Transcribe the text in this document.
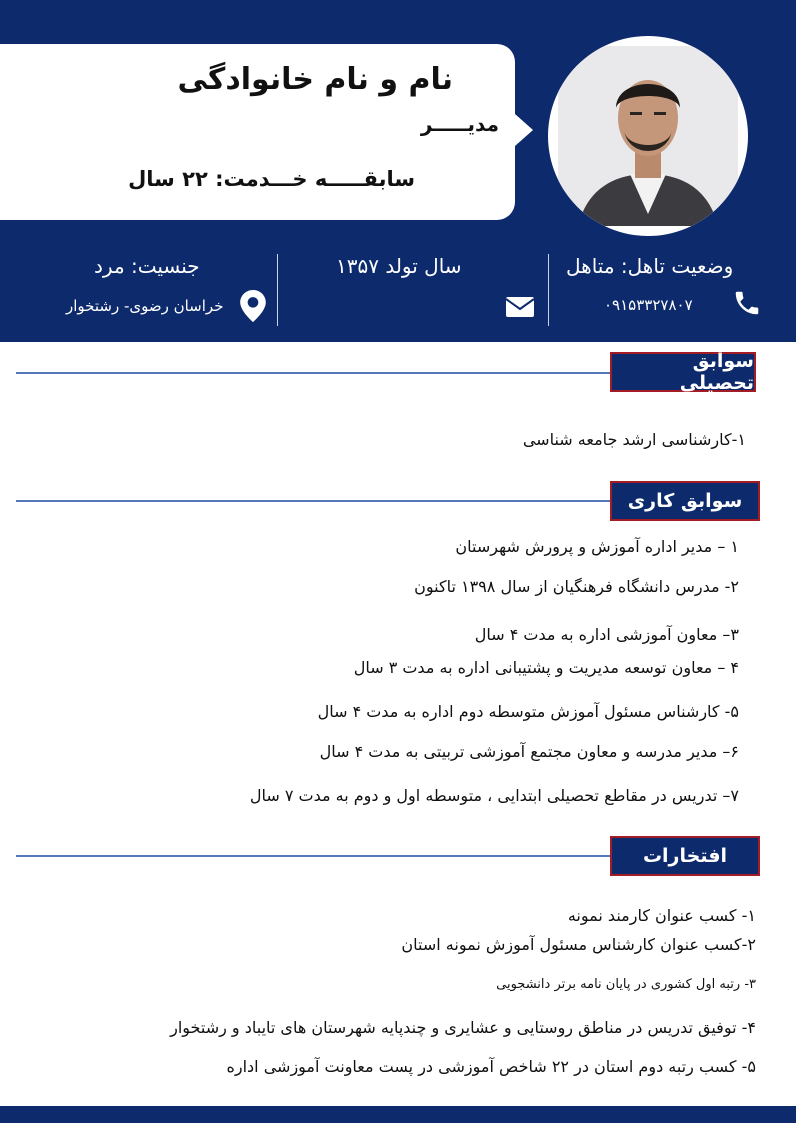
نام و نام خانوادگی
مدیـــــر
سابقـــــه خـــدمت: ۲۲ سال
وضعیت تاهل: متاهل
سال تولد ۱۳۵۷
جنسیت: مرد
۰۹۱۵۳۳۲۷۸۰۷
خراسان رضوی- رشتخوار
سوابق تحصیلی
۱-کارشناسی ارشد جامعه شناسی
سوابق کاری
۱ – مدیر اداره آموزش و پرورش شهرستان
۲- مدرس دانشگاه فرهنگیان از سال ۱۳۹۸ تاکنون
۳– معاون آموزشی اداره به مدت ۴ سال
۴ – معاون توسعه مدیریت و پشتیبانی اداره به مدت ۳ سال
۵- کارشناس مسئول آموزش متوسطه دوم اداره به مدت ۴ سال
۶– مدیر مدرسه و معاون مجتمع آموزشی تربیتی به مدت ۴ سال
۷– تدریس در مقاطع تحصیلی ابتدایی ، متوسطه اول و دوم به مدت ۷ سال
افتخارات
۱- کسب عنوان کارمند نمونه
۲-کسب عنوان کارشناس مسئول آموزش نمونه استان
۳- رتبه اول کشوری در پایان نامه برتر دانشجویی
۴- توفیق تدریس در مناطق روستایی و عشایری و چندپایه شهرستان های تایباد و رشتخوار
۵- کسب رتبه دوم استان در ۲۲ شاخص آموزشی در پست معاونت آموزشی اداره
